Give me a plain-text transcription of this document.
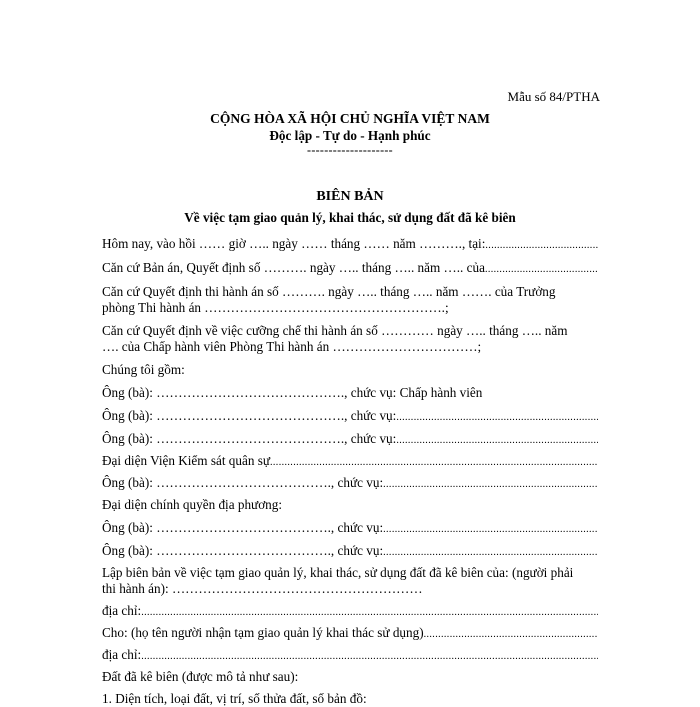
Mẫu số 84/PTHA
CỘNG HÒA XÃ HỘI CHỦ NGHĨA VIỆT NAM
Độc lập - Tự do - Hạnh phúc
--------------------
BIÊN BẢN
Về việc tạm giao quản lý, khai thác, sử dụng đất đã kê biên
Hôm nay, vào hồi …… giờ ….. ngày …… tháng …… năm ………., tại:
.....
Căn cứ Bản án, Quyết định số ………. ngày ….. tháng ….. năm ….. của
.....
Căn cứ Quyết định thi hành án số ………. ngày ….. tháng ….. năm ……. của Trưởng
phòng Thi hành án ……………………………………………….;
Căn cứ Quyết định về việc cưỡng chế thi hành án số ………… ngày ….. tháng ….. năm
…. của Chấp hành viên Phòng Thi hành án ……………………………;
Chúng tôi gồm:
Ông (bà): ……………………………………., chức vụ: Chấp hành viên
Ông (bà): ……………………………………., chức vụ:
.....
Ông (bà): ……………………………………., chức vụ:
.....
Đại diện Viện Kiểm sát quân sự
.....
Ông (bà): …………………………………., chức vụ:
.....
Đại diện chính quyền địa phương:
Ông (bà): …………………………………., chức vụ:
.....
Ông (bà): …………………………………., chức vụ:
.....
Lập biên bản về việc tạm giao quản lý, khai thác, sử dụng đất đã kê biên của: (người phải
thi hành án): …………………………………………………
địa chỉ:
.....
Cho: (họ tên người nhận tạm giao quản lý khai thác sử dụng)
.....
địa chỉ:
.....
Đất đã kê biên (được mô tả như sau):
1. Diện tích, loại đất, vị trí, số thửa đất, số bản đồ:
